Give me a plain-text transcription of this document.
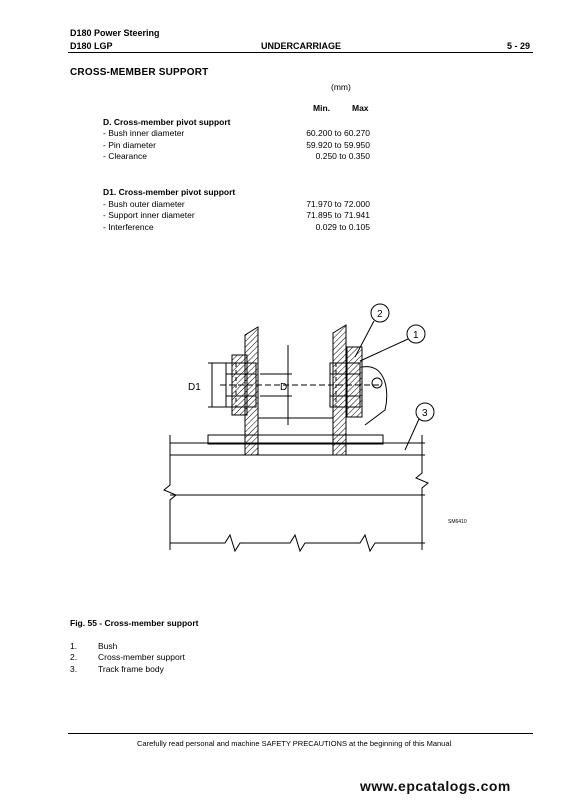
D180 Power Steering
D180 LGP	UNDERCARRIAGE	5 - 29
CROSS-MEMBER SUPPORT
(mm)
Min.	Max
D. Cross-member pivot support
- Bush inner diameter	60.200 to 60.270
- Pin diameter	59.920 to 59.950
- Clearance	0.250 to 0.350
D1. Cross-member pivot support
- Bush outer diameter	71.970 to 72.000
- Support inner diameter	71.895 to 71.941
- Interference	0.029 to 0.105
D1	D
2
1
3
SM6410
Fig. 55 - Cross-member support
1. Bush
2. Cross-member support
3. Track frame body
Carefully read personal and machine SAFETY PRECAUTIONS at the beginning of this Manual
www.epcatalogs.com
